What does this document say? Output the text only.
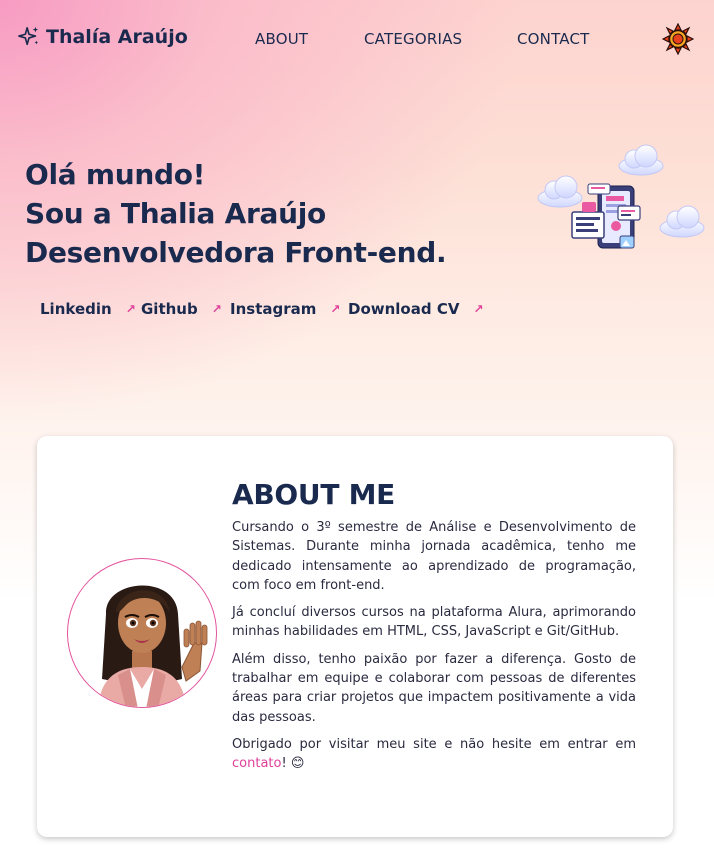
Thalía Araújo	ABOUT	CATEGORIAS	CONTACT
Olá mundo!
Sou a Thalia Araújo
Desenvolvedora Front-end.
Linkedin ↗ Github ↗ Instagram ↗ Download CV ↗
ABOUT ME

Cursando o 3º semestre de Análise e Desenvolvimento de Sistemas. Durante minha jornada acadêmica, tenho me dedicado intensamente ao aprendizado de programação, com foco em front-end.

Já concluí diversos cursos na plataforma Alura, aprimorando minhas habilidades em HTML, CSS, JavaScript e Git/GitHub.

Além disso, tenho paixão por fazer a diferença. Gosto de trabalhar em equipe e colaborar com pessoas de diferentes áreas para criar projetos que impactem positivamente a vida das pessoas.

Obrigado por visitar meu site e não hesite em entrar em contato! 😊
